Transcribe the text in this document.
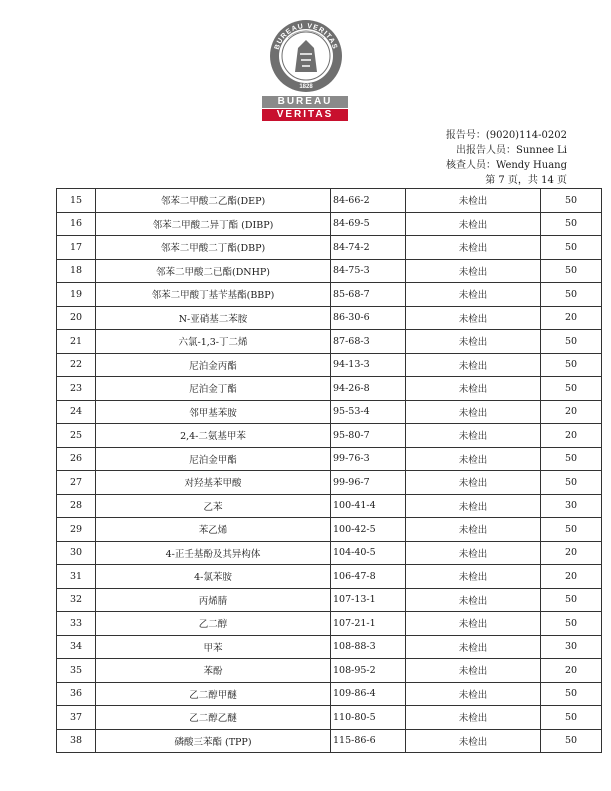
BUREAU VERITAS
1828
BUREAU
VERITAS
报告号：(9020)114-0202
出报告人员：Sunnee Li
核查人员：Wendy Huang
第 7 页，共 14 页
15	邻苯二甲酸二乙酯(DEP)	84-66-2	未检出	50
16	邻苯二甲酸二异丁酯 (DIBP)	84-69-5	未检出	50
17	邻苯二甲酸二丁酯(DBP)	84-74-2	未检出	50
18	邻苯二甲酸二已酯(DNHP)	84-75-3	未检出	50
19	邻苯二甲酸丁基苄基酯(BBP)	85-68-7	未检出	50
20	N-亚硝基二苯胺	86-30-6	未检出	20
21	六氯-1,3-丁二烯	87-68-3	未检出	50
22	尼泊金丙酯	94-13-3	未检出	50
23	尼泊金丁酯	94-26-8	未检出	50
24	邻甲基苯胺	95-53-4	未检出	20
25	2,4-二氨基甲苯	95-80-7	未检出	20
26	尼泊金甲酯	99-76-3	未检出	50
27	对羟基苯甲酸	99-96-7	未检出	50
28	乙苯	100-41-4	未检出	30
29	苯乙烯	100-42-5	未检出	50
30	4-正壬基酚及其异构体	104-40-5	未检出	20
31	4-氯苯胺	106-47-8	未检出	20
32	丙烯腈	107-13-1	未检出	50
33	乙二醇	107-21-1	未检出	50
34	甲苯	108-88-3	未检出	30
35	苯酚	108-95-2	未检出	20
36	乙二醇甲醚	109-86-4	未检出	50
37	乙二醇乙醚	110-80-5	未检出	50
38	磷酸三苯酯 (TPP)	115-86-6	未检出	50
